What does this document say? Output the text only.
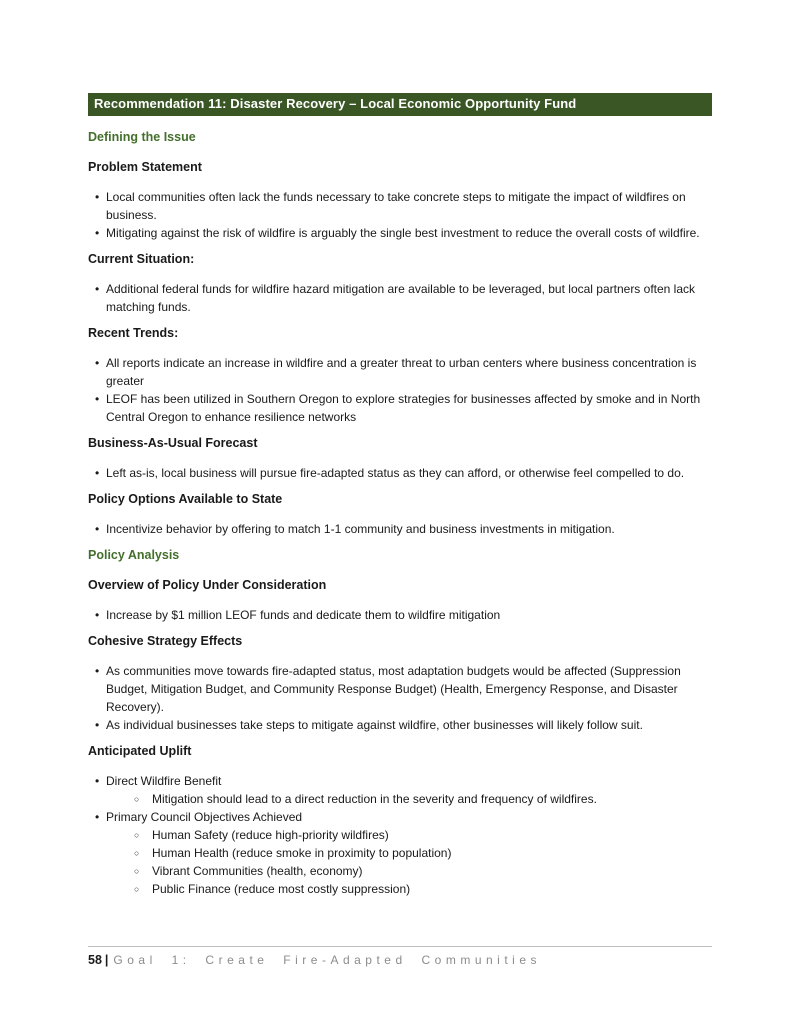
Recommendation 11: Disaster Recovery – Local Economic Opportunity Fund
Defining the Issue
Problem Statement
• Local communities often lack the funds necessary to take concrete steps to mitigate the impact of wildfires on business.
• Mitigating against the risk of wildfire is arguably the single best investment to reduce the overall costs of wildfire.
Current Situation:
• Additional federal funds for wildfire hazard mitigation are available to be leveraged, but local partners often lack matching funds.
Recent Trends:
• All reports indicate an increase in wildfire and a greater threat to urban centers where business concentration is greater
• LEOF has been utilized in Southern Oregon to explore strategies for businesses affected by smoke and in North Central Oregon to enhance resilience networks
Business-As-Usual Forecast
• Left as-is, local business will pursue fire-adapted status as they can afford, or otherwise feel compelled to do.
Policy Options Available to State
• Incentivize behavior by offering to match 1-1 community and business investments in mitigation.
Policy Analysis
Overview of Policy Under Consideration
• Increase by $1 million LEOF funds and dedicate them to wildfire mitigation
Cohesive Strategy Effects
• As communities move towards fire-adapted status, most adaptation budgets would be affected (Suppression Budget, Mitigation Budget, and Community Response Budget) (Health, Emergency Response, and Disaster Recovery).
• As individual businesses take steps to mitigate against wildfire, other businesses will likely follow suit.
Anticipated Uplift
• Direct Wildfire Benefit
○	Mitigation should lead to a direct reduction in the severity and frequency of wildfires.
• Primary Council Objectives Achieved
○	Human Safety (reduce high-priority wildfires)
○	Human Health (reduce smoke in proximity to population)
○	Vibrant Communities (health, economy)
○	Public Finance (reduce most costly suppression)
58 | Goal 1: Create Fire-Adapted Communities
